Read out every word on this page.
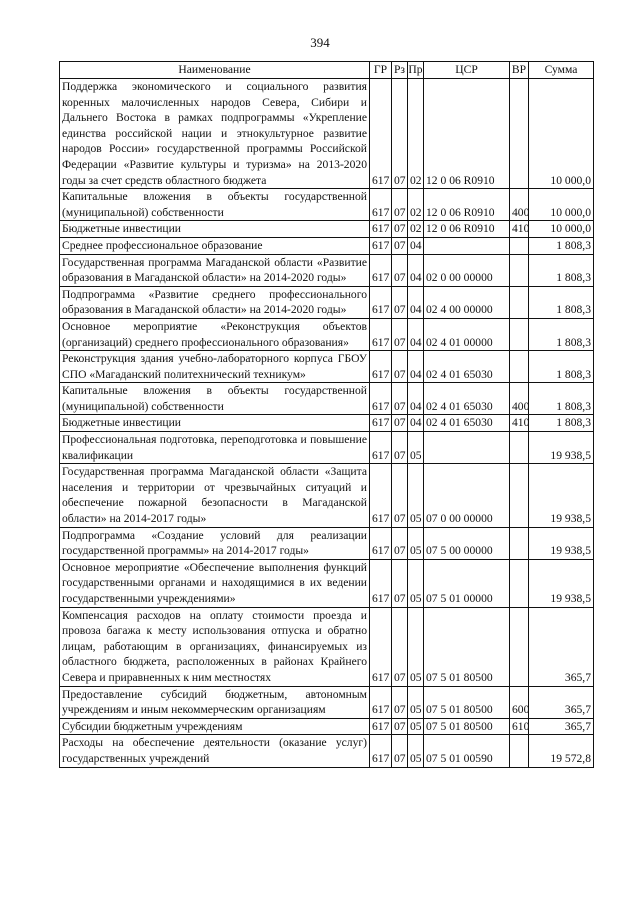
394
Наименование	ГР	Рз	Пр	ЦСР	ВР	Сумма
Поддержка экономического и социального развития коренных малочисленных народов Севера, Сибири и Дальнего Востока в рамках подпрограммы «Укрепление единства российской нации и этнокультурное развитие народов России» государственной программы Российской Федерации «Развитие культуры и туризма» на 2013-2020 годы за счет средств областного бюджета	617	07	02	12 0 06 R0910		10 000,0
Капитальные вложения в объекты государственной (муниципальной) собственности	617	07	02	12 0 06 R0910	400	10 000,0
Бюджетные инвестиции	617	07	02	12 0 06 R0910	410	10 000,0
Среднее профессиональное образование	617	07	04			1 808,3
Государственная программа Магаданской области «Развитие образования в Магаданской области» на 2014-2020 годы»	617	07	04	02 0 00 00000		1 808,3
Подпрограмма «Развитие среднего профессионального образования в Магаданской области» на 2014-2020 годы»	617	07	04	02 4 00 00000		1 808,3
Основное мероприятие «Реконструкция объектов (организаций) среднего профессионального образования»	617	07	04	02 4 01 00000		1 808,3
Реконструкция здания учебно-лабораторного корпуса ГБОУ СПО «Магаданский политехнический техникум»	617	07	04	02 4 01 65030		1 808,3
Капитальные вложения в объекты государственной (муниципальной) собственности	617	07	04	02 4 01 65030	400	1 808,3
Бюджетные инвестиции	617	07	04	02 4 01 65030	410	1 808,3
Профессиональная подготовка, переподготовка и повышение квалификации	617	07	05			19 938,5
Государственная программа Магаданской области «Защита населения и территории от чрезвычайных ситуаций и обеспечение пожарной безопасности в Магаданской области» на 2014-2017 годы»	617	07	05	07 0 00 00000		19 938,5
Подпрограмма «Создание условий для реализации государственной программы» на 2014-2017 годы»	617	07	05	07 5 00 00000		19 938,5
Основное мероприятие «Обеспечение выполнения функций государственными органами и находящимися в их ведении государственными учреждениями»	617	07	05	07 5 01 00000		19 938,5
Компенсация расходов на оплату стоимости проезда и провоза багажа к месту использования отпуска и обратно лицам, работающим в организациях, финансируемых из областного бюджета, расположенных в районах Крайнего Севера и приравненных к ним местностях	617	07	05	07 5 01 80500		365,7
Предоставление субсидий бюджетным, автономным учреждениям и иным некоммерческим организациям	617	07	05	07 5 01 80500	600	365,7
Субсидии бюджетным учреждениям	617	07	05	07 5 01 80500	610	365,7
Расходы на обеспечение деятельности (оказание услуг) государственных учреждений	617	07	05	07 5 01 00590		19 572,8
